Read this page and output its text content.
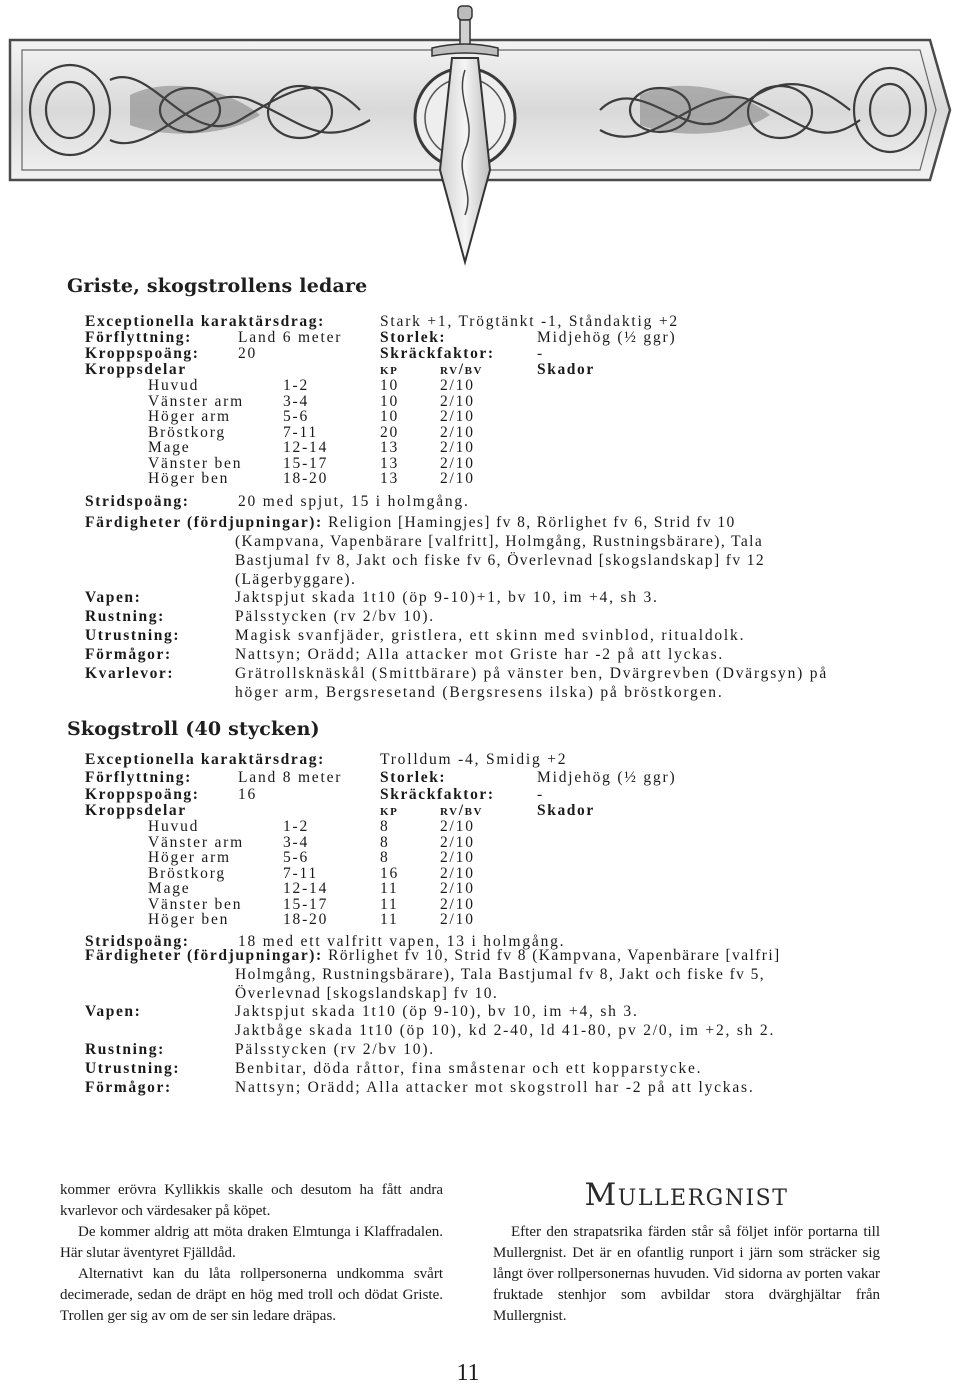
Griste, skogstrollens ledare
Exceptionella karaktärsdrag:	Stark +1, Trögtänkt -1, Ståndaktig +2
Förflyttning:	Land 6 meter Storlek:	Midjehög (½ ggr)
Kroppspoäng: 20	Skräckfaktor:	-
Kroppsdelar	kp	rv/bv	Skador
Huvud	1-2	10	2/10
Vänster arm	3-4	10	2/10
Höger arm	5-6	10	2/10
Bröstkorg	7-11	20	2/10
Mage	12-14	13	2/10
Vänster ben	15-17	13	2/10
Höger ben	18-20	13	2/10
Stridspoäng:	20 med spjut, 15 i holmgång.
Färdigheter (fördjupningar): Religion [Hamingjes] fv 8, Rörlighet fv 6, Strid fv 10
(Kampvana, Vapenbärare [valfritt], Holmgång, Rustningsbärare), Tala
Bastjumal fv 8, Jakt och fiske fv 6, Överlevnad [skogslandskap] fv 12
(Lägerbyggare).
Vapen:	Jaktspjut skada 1t10 (öp 9-10)+1, bv 10, im +4, sh 3.
Rustning:	Pälsstycken (rv 2/bv 10).
Utrustning:	Magisk svanfjäder, gristlera, ett skinn med svinblod, ritualdolk.
Förmågor:	Nattsyn; Orädd; Alla attacker mot Griste har -2 på att lyckas.
Kvarlevor:	Grätrollsknäskål (Smittbärare) på vänster ben, Dvärgrevben (Dvärgsyn) på
höger arm, Bergsresetand (Bergsresens ilska) på bröstkorgen.
Skogstroll (40 stycken)
Exceptionella karaktärsdrag:	Trolldum -4, Smidig +2
Förflyttning:	Land 8 meter Storlek:	Midjehög (½ ggr)
Kroppspoäng: 16	Skräckfaktor:	-
Kroppsdelar	kp	rv/bv	Skador
Huvud	1-2	8	2/10
Vänster arm	3-4	8	2/10
Höger arm	5-6	8	2/10
Bröstkorg	7-11	16	2/10
Mage	12-14	11	2/10
Vänster ben	15-17	11	2/10
Höger ben	18-20	11	2/10
Stridspoäng:	18 med ett valfritt vapen, 13 i holmgång.
Färdigheter (fördjupningar): Rörlighet fv 10, Strid fv 8 (Kampvana, Vapenbärare [valfri]
Holmgång, Rustningsbärare), Tala Bastjumal fv 8, Jakt och fiske fv 5,
Överlevnad [skogslandskap] fv 10.
Vapen:	Jaktspjut skada 1t10 (öp 9-10), bv 10, im +4, sh 3.
Jaktbåge skada 1t10 (öp 10), kd 2-40, ld 41-80, pv 2/0, im +2, sh 2.
Rustning:	Pälsstycken (rv 2/bv 10).
Utrustning:	Benbitar, döda råttor, fina småstenar och ett kopparstycke.
Förmågor:	Nattsyn; Orädd; Alla attacker mot skogstroll har -2 på att lyckas.

kommer erövra Kyllikkis skalle och desutom ha fått andra kvarlevor och värdesaker på köpet.

De kommer aldrig att möta draken Elmtunga i Klaffradalen. Här slutar äventyret Fjälldåd.

Alternativt kan du låta rollpersonerna undkomma svårt decimerade, sedan de dräpt en hög med troll och dödat Griste. Trollen ger sig av om de ser sin ledare dräpas.

Mullergnist

Efter den strapatsrika färden står så följet inför portarna till Mullergnist. Det är en ofantlig runport i järn som sträcker sig långt över rollpersonernas huvuden. Vid sidorna av porten vakar fruktade stenhjor som avbildar stora dvärghjältar från Mullergnist.

11
